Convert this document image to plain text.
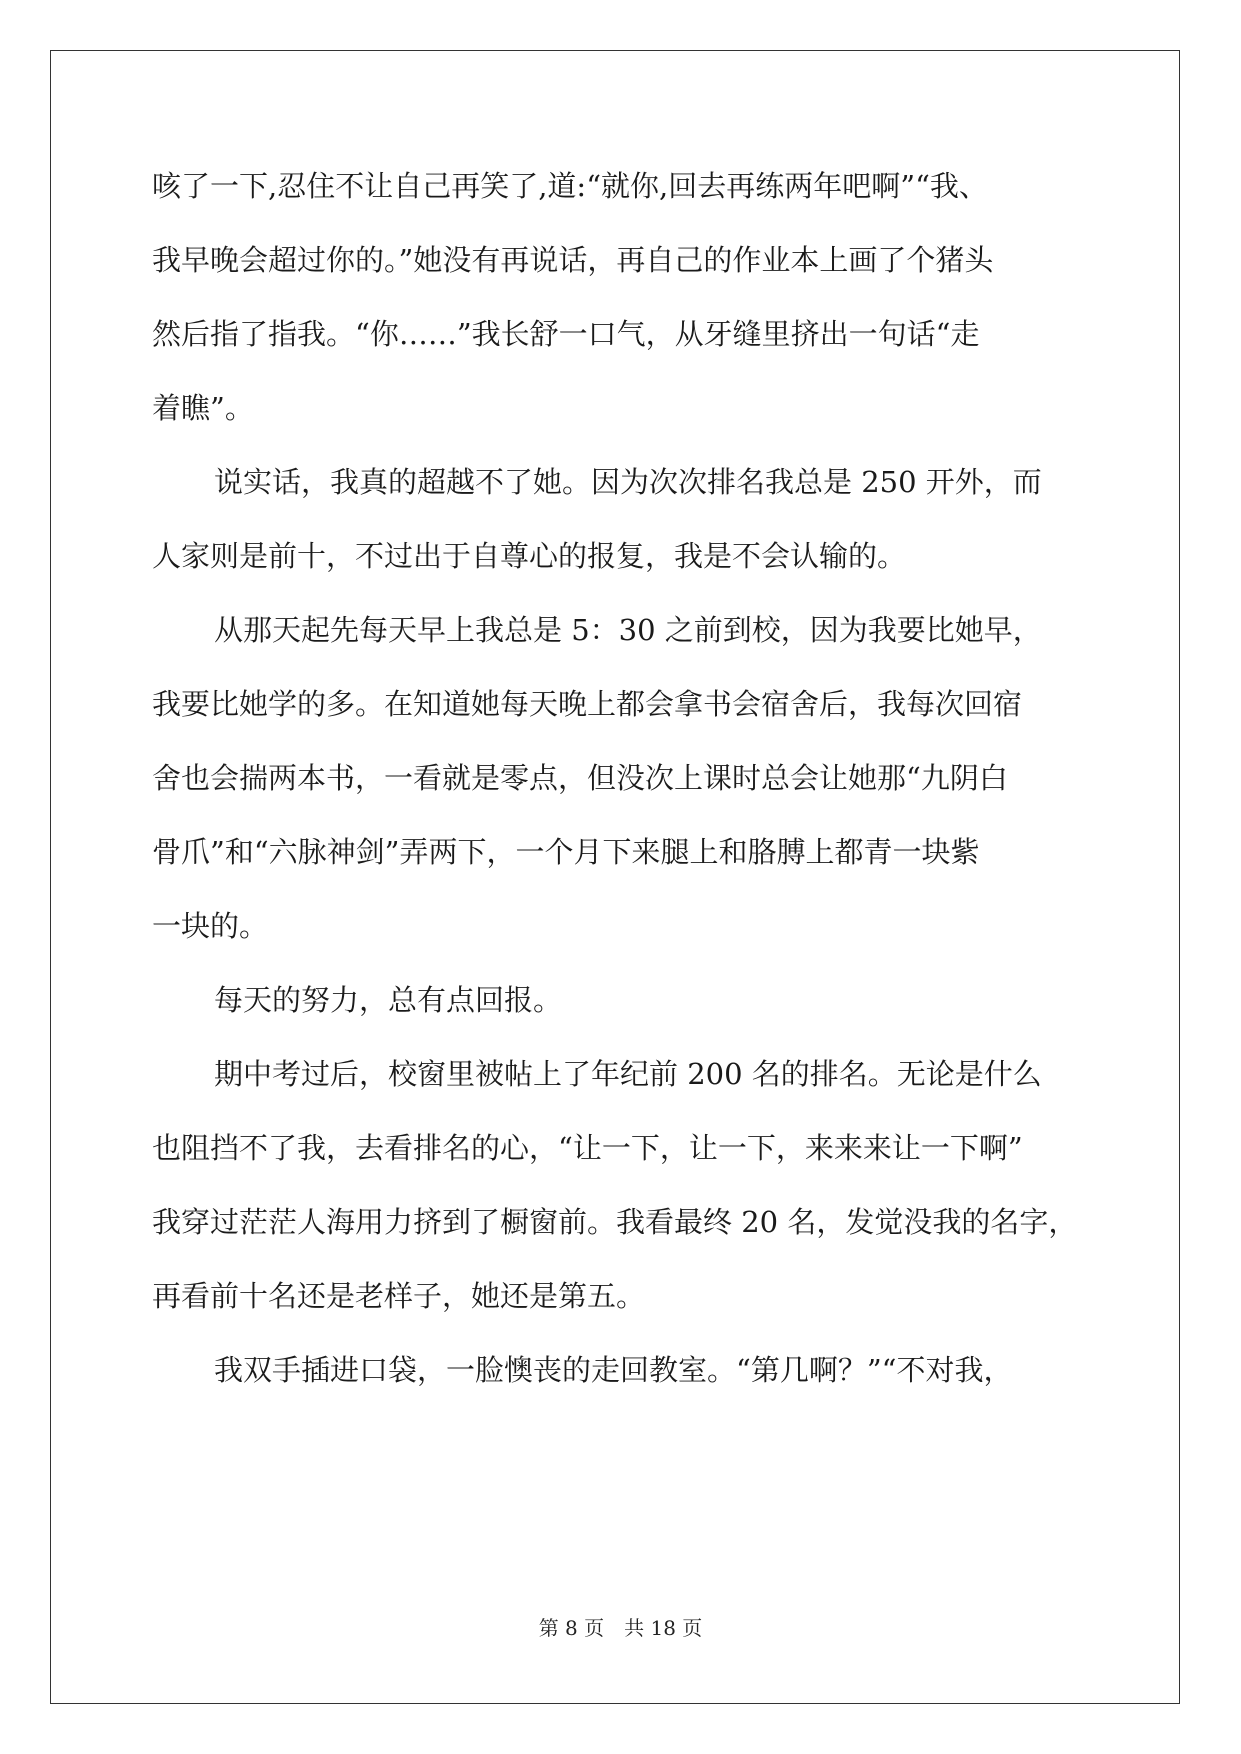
咳了一下,忍住不让自己再笑了,道:“就你,回去再练两年吧啊”“我、
我早晚会超过你的。”她没有再说话，再自己的作业本上画了个猪头
然后指了指我。“你……”我长舒一口气，从牙缝里挤出一句话“走
着瞧”。
说实话，我真的超越不了她。因为次次排名我总是 250 开外，而
人家则是前十，不过出于自尊心的报复，我是不会认输的。
从那天起先每天早上我总是 5：30 之前到校，因为我要比她早，
我要比她学的多。在知道她每天晚上都会拿书会宿舍后，我每次回宿
舍也会揣两本书，一看就是零点，但没次上课时总会让她那“九阴白
骨爪”和“六脉神剑”弄两下，一个月下来腿上和胳膊上都青一块紫
一块的。
每天的努力，总有点回报。
期中考过后，校窗里被帖上了年纪前 200 名的排名。无论是什么
也阻挡不了我，去看排名的心，“让一下，让一下，来来来让一下啊”
我穿过茫茫人海用力挤到了橱窗前。我看最终 20 名，发觉没我的名字，
再看前十名还是老样子，她还是第五。
我双手插进口袋，一脸懊丧的走回教室。“第几啊？”“不对我，
第 8 页　共 18 页
